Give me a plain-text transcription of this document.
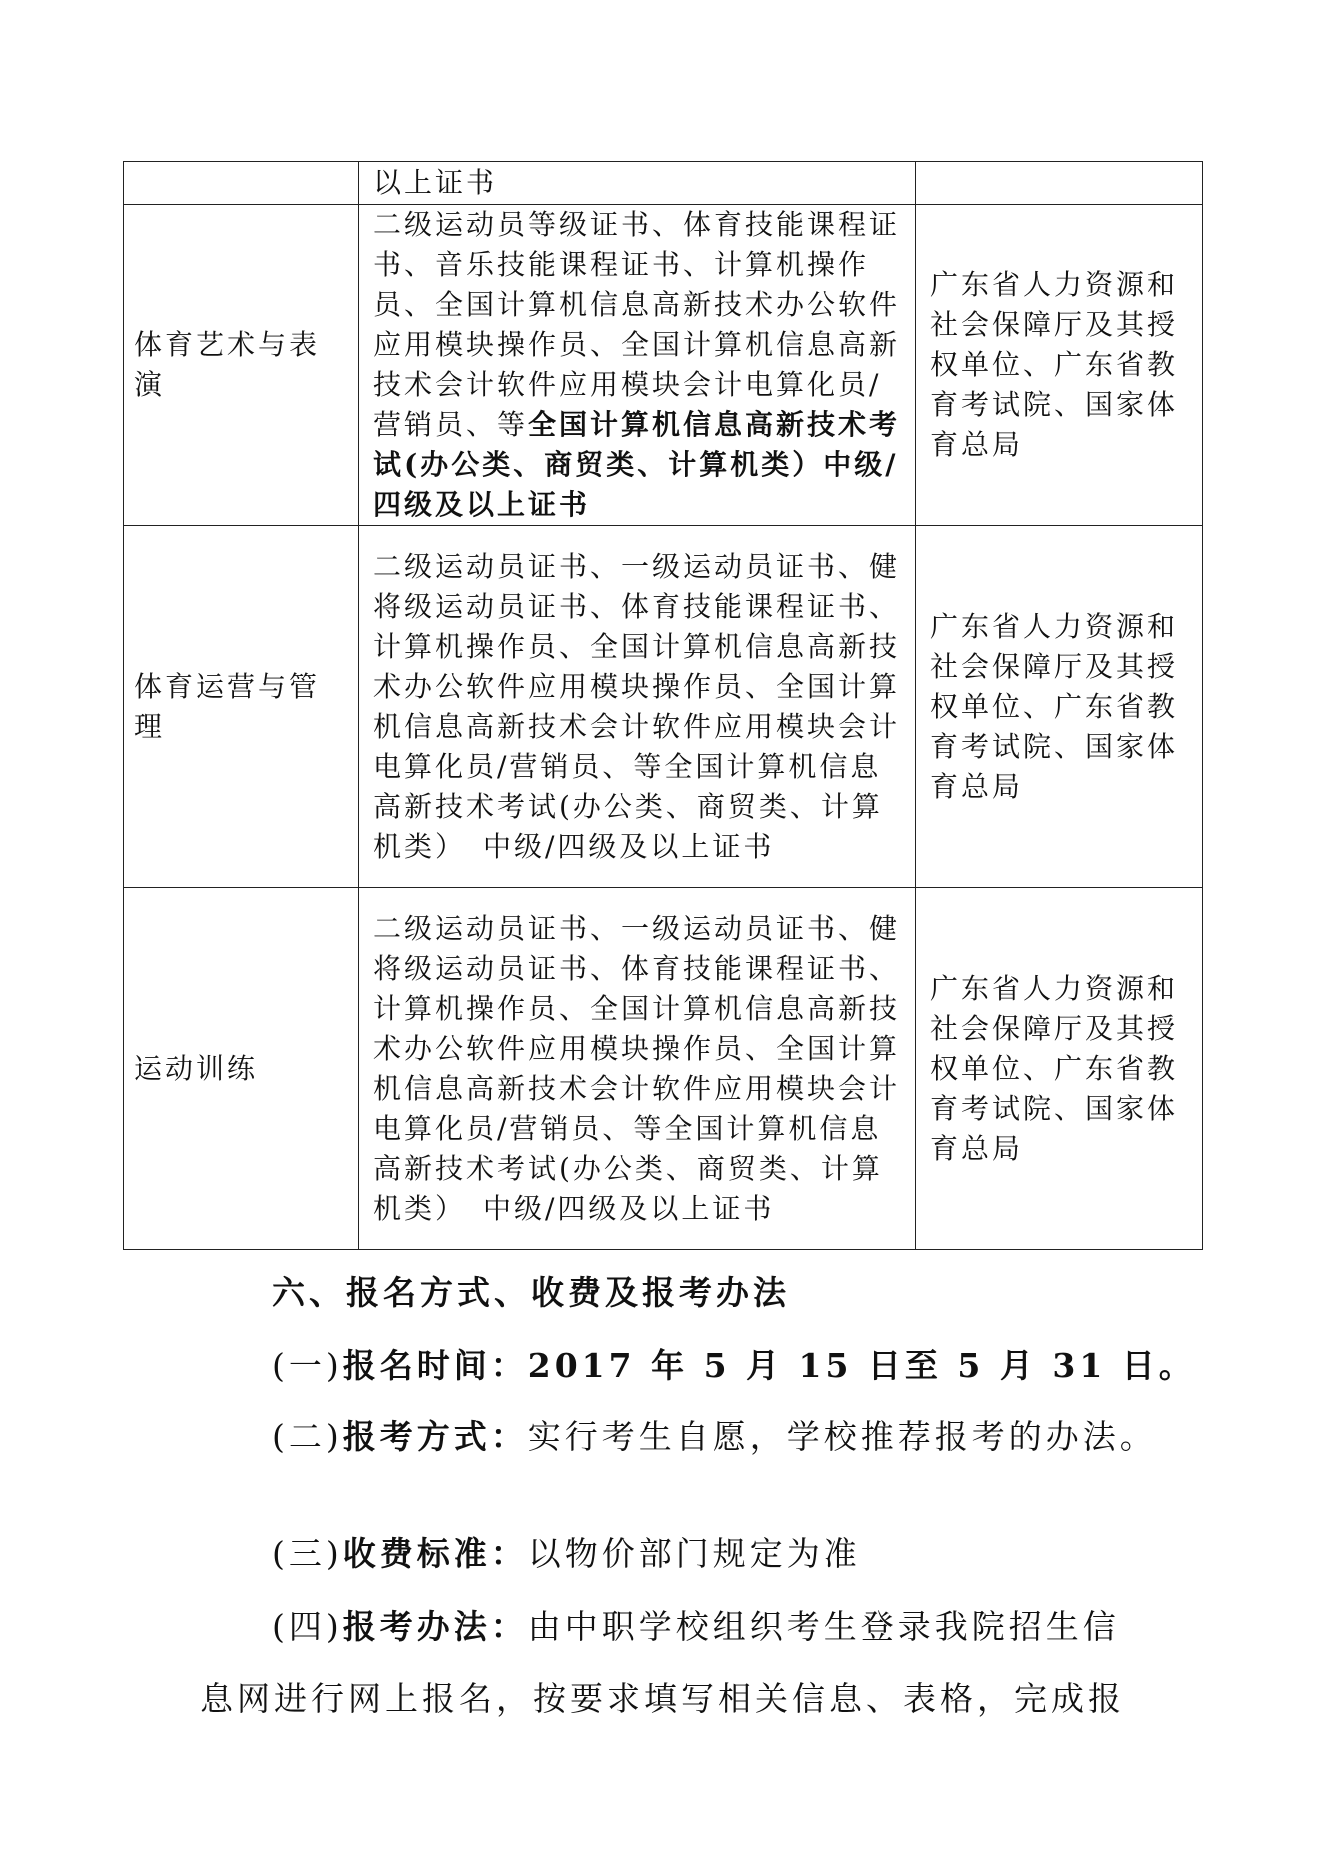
	以上证书	
体育艺术与表演	二级运动员等级证书、体育技能课程证书、音乐技能课程证书、计算机操作员、全国计算机信息高新技术办公软件应用模块操作员、全国计算机信息高新技术会计软件应用模块会计电算化员/营销员、等全国计算机信息高新技术考试(办公类、商贸类、计算机类）中级/四级及以上证书	广东省人力资源和社会保障厅及其授权单位、广东省教育考试院、国家体育总局
体育运营与管理	二级运动员证书、一级运动员证书、健将级运动员证书、体育技能课程证书、计算机操作员、全国计算机信息高新技术办公软件应用模块操作员、全国计算机信息高新技术会计软件应用模块会计电算化员/营销员、等全国计算机信息高新技术考试(办公类、商贸类、计算机类）　中级/四级及以上证书	广东省人力资源和社会保障厅及其授权单位、广东省教育考试院、国家体育总局
运动训练	二级运动员证书、一级运动员证书、健将级运动员证书、体育技能课程证书、计算机操作员、全国计算机信息高新技术办公软件应用模块操作员、全国计算机信息高新技术会计软件应用模块会计电算化员/营销员、等全国计算机信息高新技术考试(办公类、商贸类、计算机类）　中级/四级及以上证书	广东省人力资源和社会保障厅及其授权单位、广东省教育考试院、国家体育总局
六、报名方式、收费及报考办法
(一)报名时间：2017 年 5 月 15 日至 5 月 31 日。
(二)报考方式：实行考生自愿，学校推荐报考的办法。
(三)收费标准：以物价部门规定为准
(四)报考办法：由中职学校组织考生登录我院招生信
息网进行网上报名，按要求填写相关信息、表格，完成报
